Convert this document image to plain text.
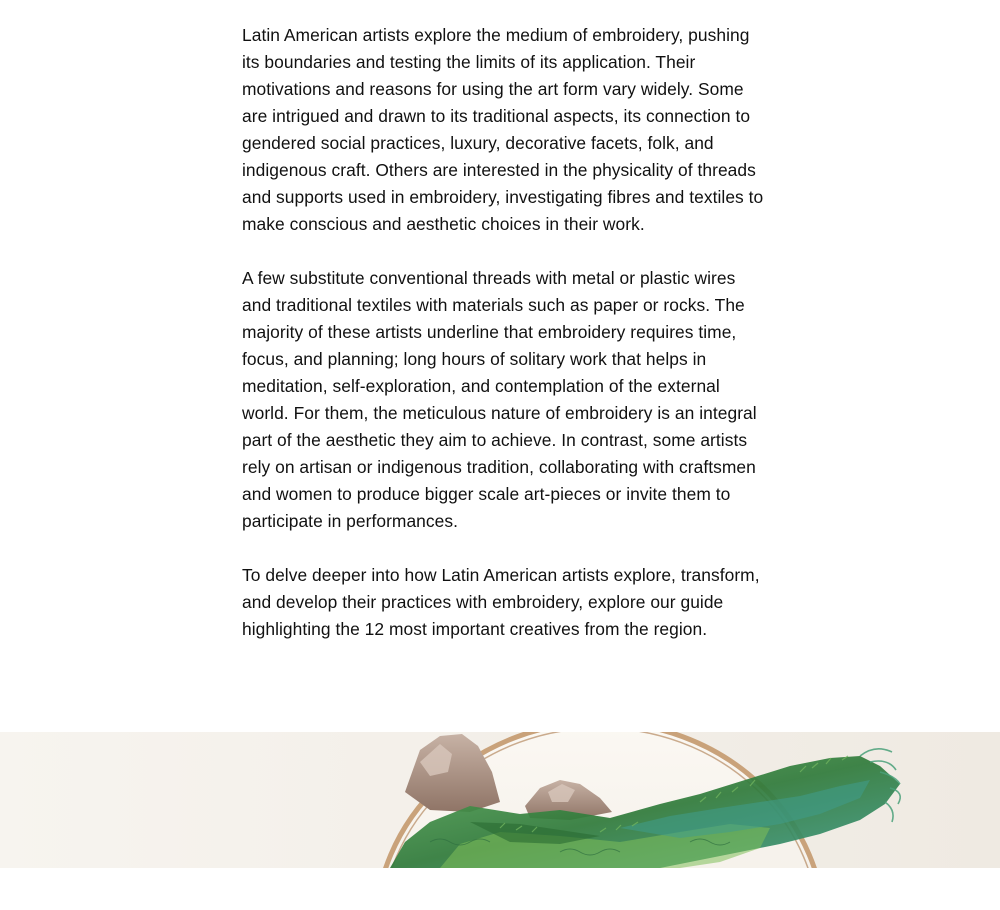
Latin American artists explore the medium of embroidery, pushing its boundaries and testing the limits of its application. Their motivations and reasons for using the art form vary widely. Some are intrigued and drawn to its traditional aspects, its connection to gendered social practices, luxury, decorative facets, folk, and indigenous craft. Others are interested in the physicality of threads and supports used in embroidery, investigating fibres and textiles to make conscious and aesthetic choices in their work.

A few substitute conventional threads with metal or plastic wires and traditional textiles with materials such as paper or rocks. The majority of these artists underline that embroidery requires time, focus, and planning; long hours of solitary work that helps in meditation, self-exploration, and contemplation of the external world. For them, the meticulous nature of embroidery is an integral part of the aesthetic they aim to achieve. In contrast, some artists rely on artisan or indigenous tradition, collaborating with craftsmen and women to produce bigger scale art-pieces or invite them to participate in performances.

To delve deeper into how Latin American artists explore, transform, and develop their practices with embroidery, explore our guide highlighting the 12 most important creatives from the region.
